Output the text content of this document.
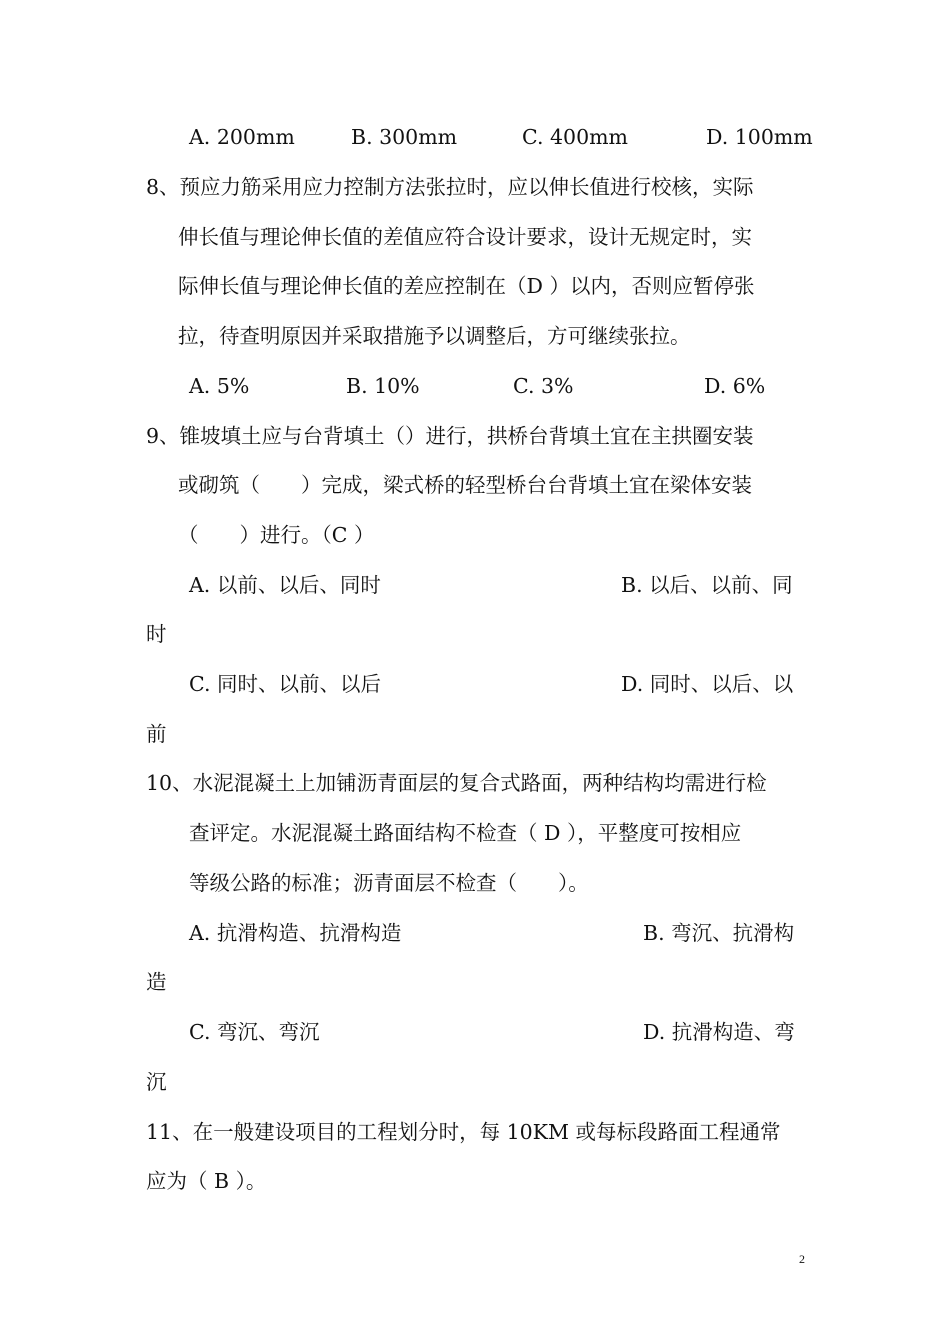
A. 200mm	B. 300mm	C. 400mm	D. 100mm
8、预应力筋采用应力控制方法张拉时，应以伸长值进行校核，实际
伸长值与理论伸长值的差值应符合设计要求，设计无规定时，实
际伸长值与理论伸长值的差应控制在（D ）以内，否则应暂停张
拉，待查明原因并采取措施予以调整后，方可继续张拉。
A. 5%	B. 10%	C. 3%	D. 6%
9、锥坡填土应与台背填土（）进行，拱桥台背填土宜在主拱圈安装
或砌筑（　　）完成，梁式桥的轻型桥台台背填土宜在梁体安装
（　　）进行。（C ）
A. 以前、以后、同时	B. 以后、以前、同
时
C. 同时、以前、以后	D. 同时、以后、以
前
10、水泥混凝土上加铺沥青面层的复合式路面，两种结构均需进行检
查评定。水泥混凝土路面结构不检查（ D ），平整度可按相应
等级公路的标准；沥青面层不检查（　　）。
A. 抗滑构造、抗滑构造	B. 弯沉、抗滑构
造
C. 弯沉、弯沉	D. 抗滑构造、弯
沉
11、在一般建设项目的工程划分时，每 10KM 或每标段路面工程通常
应为（ B ）。
2
